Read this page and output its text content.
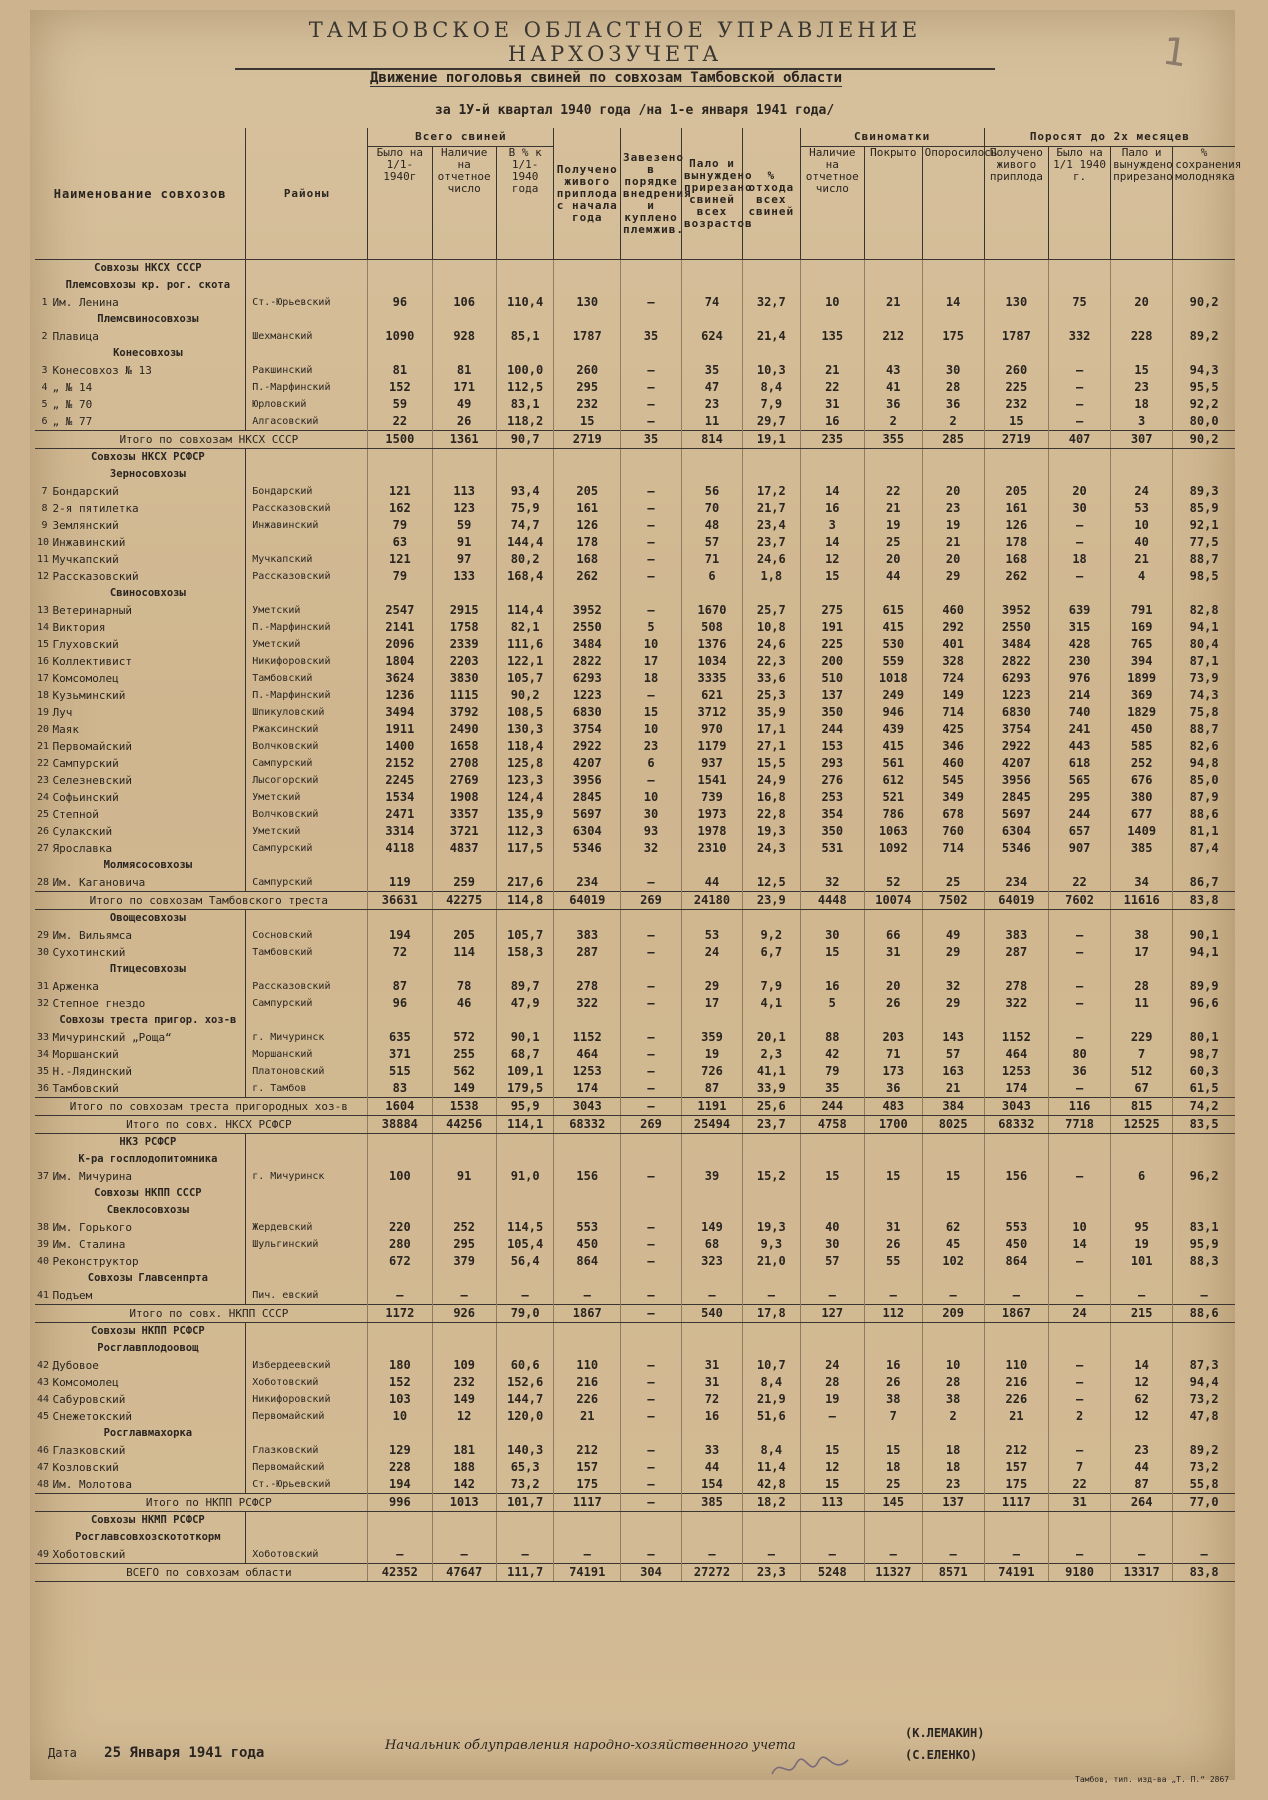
1
ТАМБОВСКОЕ ОБЛАСТНОЕ УПРАВЛЕНИЕ НАРХОЗУЧЕТА
Движение поголовья свиней по совхозам Тамбовской области
за 1У-й квартал 1940 года /на 1-е января 1941 года/
Наименование совхозов		Районы	Всего свиней			Получено живого приплода с начала года	Завезено в порядке внедрения и куплено племжив.	Пало и вынуждено прирезано свиней всех возрастов	% отхода всех свиней	Свиноматки			Поросят до 2х месяцев			
			Было на 1/1-1940г	Наличие на отчетное число	В % к 1/1-1940 года					Наличие на отчетное число	Покрыто	Опоросилось	Получено живого приплода	Было на 1/1 1940 г.	Пало и вынуждено прирезано	% сохранения молодняка
	Совхозы НКСХ СССР															
	Племсовхозы кр. рог. скота															
1	Им. Ленина	Ст.-Юрьевский	96	106	110,4	130	–	74	32,7	10	21	14	130	75	20	90,2
	Племсвиносовхозы															
2	Плавица	Шехманский	1090	928	85,1	1787	35	624	21,4	135	212	175	1787	332	228	89,2
	Конесовхозы															
3	Конесовхоз № 13	Ракшинский	81	81	100,0	260	–	35	10,3	21	43	30	260	–	15	94,3
4	„ № 14	П.-Марфинский	152	171	112,5	295	–	47	8,4	22	41	28	225	–	23	95,5
5	„ № 70	Юрловский	59	49	83,1	232	–	23	7,9	31	36	36	232	–	18	92,2
6	„ № 77	Алгасовский	22	26	118,2	15	–	11	29,7	16	2	2	15	–	3	80,0
	Итого по совхозам НКСХ СССР		1500	1361	90,7	2719	35	814	19,1	235	355	285	2719	407	307	90,2
	Совхозы НКСХ РСФСР															
	Зерносовхозы															
7	Бондарский	Бондарский	121	113	93,4	205	–	56	17,2	14	22	20	205	20	24	89,3
8	2-я пятилетка	Рассказовский	162	123	75,9	161	–	70	21,7	16	21	23	161	30	53	85,9
9	Землянский	Инжавинский	79	59	74,7	126	–	48	23,4	3	19	19	126	–	10	92,1
10	Инжавинский		63	91	144,4	178	–	57	23,7	14	25	21	178	–	40	77,5
11	Мучкапский	Мучкапский	121	97	80,2	168	–	71	24,6	12	20	20	168	18	21	88,7
12	Рассказовский	Рассказовский	79	133	168,4	262	–	6	1,8	15	44	29	262	–	4	98,5
	Свиносовхозы															
13	Ветеринарный	Уметский	2547	2915	114,4	3952	–	1670	25,7	275	615	460	3952	639	791	82,8
14	Виктория	П.-Марфинский	2141	1758	82,1	2550	5	508	10,8	191	415	292	2550	315	169	94,1
15	Глуховский	Уметский	2096	2339	111,6	3484	10	1376	24,6	225	530	401	3484	428	765	80,4
16	Коллективист	Никифоровский	1804	2203	122,1	2822	17	1034	22,3	200	559	328	2822	230	394	87,1
17	Комсомолец	Тамбовский	3624	3830	105,7	6293	18	3335	33,6	510	1018	724	6293	976	1899	73,9
18	Кузьминский	П.-Марфинский	1236	1115	90,2	1223	–	621	25,3	137	249	149	1223	214	369	74,3
19	Луч	Шпикуловский	3494	3792	108,5	6830	15	3712	35,9	350	946	714	6830	740	1829	75,8
20	Маяк	Ржаксинский	1911	2490	130,3	3754	10	970	17,1	244	439	425	3754	241	450	88,7
21	Первомайский	Волчковский	1400	1658	118,4	2922	23	1179	27,1	153	415	346	2922	443	585	82,6
22	Сампурский	Сампурский	2152	2708	125,8	4207	6	937	15,5	293	561	460	4207	618	252	94,8
23	Селезневский	Лысогорский	2245	2769	123,3	3956	–	1541	24,9	276	612	545	3956	565	676	85,0
24	Софьинский	Уметский	1534	1908	124,4	2845	10	739	16,8	253	521	349	2845	295	380	87,9
25	Степной	Волчковский	2471	3357	135,9	5697	30	1973	22,8	354	786	678	5697	244	677	88,6
26	Сулакский	Уметский	3314	3721	112,3	6304	93	1978	19,3	350	1063	760	6304	657	1409	81,1
27	Ярославка	Сампурский	4118	4837	117,5	5346	32	2310	24,3	531	1092	714	5346	907	385	87,4
	Молмясосовхозы															
28	Им. Кагановича	Сампурский	119	259	217,6	234	–	44	12,5	32	52	25	234	22	34	86,7
	Итого по совхозам Тамбовского треста		36631	42275	114,8	64019	269	24180	23,9	4448	10074	7502	64019	7602	11616	83,8
	Овощесовхозы															
29	Им. Вильямса	Сосновский	194	205	105,7	383	–	53	9,2	30	66	49	383	–	38	90,1
30	Сухотинский	Тамбовский	72	114	158,3	287	–	24	6,7	15	31	29	287	–	17	94,1
	Птицесовхозы															
31	Арженка	Рассказовский	87	78	89,7	278	–	29	7,9	16	20	32	278	–	28	89,9
32	Степное гнездо	Сампурский	96	46	47,9	322	–	17	4,1	5	26	29	322	–	11	96,6
	Совхозы треста пригор. хоз-в															
33	Мичуринский „Роща“	г. Мичуринск	635	572	90,1	1152	–	359	20,1	88	203	143	1152	–	229	80,1
34	Моршанский	Моршанский	371	255	68,7	464	–	19	2,3	42	71	57	464	80	7	98,7
35	Н.-Лядинский	Платоновский	515	562	109,1	1253	–	726	41,1	79	173	163	1253	36	512	60,3
36	Тамбовский	г. Тамбов	83	149	179,5	174	–	87	33,9	35	36	21	174	–	67	61,5
	Итого по совхозам треста пригородных хоз-в		1604	1538	95,9	3043	–	1191	25,6	244	483	384	3043	116	815	74,2
	Итого по совх. НКСХ РСФСР		38884	44256	114,1	68332	269	25494	23,7	4758	1700	8025	68332	7718	12525	83,5
	НКЗ РСФСР															
	К-ра госплодопитомника															
37	Им. Мичурина	г. Мичуринск	100	91	91,0	156	–	39	15,2	15	15	15	156	–	6	96,2
	Совхозы НКПП СССР															
	Свеклосовхозы															
38	Им. Горького	Жердевский	220	252	114,5	553	–	149	19,3	40	31	62	553	10	95	83,1
39	Им. Сталина	Шульгинский	280	295	105,4	450	–	68	9,3	30	26	45	450	14	19	95,9
40	Реконструктор		672	379	56,4	864	–	323	21,0	57	55	102	864	–	101	88,3
	Совхозы Главсенпрта															
41	Подъем	Пич. евский	–	–	–	–	–	–	–	–	–	–	–	–	–	–
	Итого по совх. НКПП СССР		1172	926	79,0	1867	–	540	17,8	127	112	209	1867	24	215	88,6
	Совхозы НКПП РСФСР															
	Росглавплодоовощ															
42	Дубовое	Избердеевский	180	109	60,6	110	–	31	10,7	24	16	10	110	–	14	87,3
43	Комсомолец	Хоботовский	152	232	152,6	216	–	31	8,4	28	26	28	216	–	12	94,4
44	Сабуровский	Никифоровский	103	149	144,7	226	–	72	21,9	19	38	38	226	–	62	73,2
45	Снежетокский	Первомайский	10	12	120,0	21	–	16	51,6	–	7	2	21	2	12	47,8
	Росглавмахорка															
46	Глазковский	Глазковский	129	181	140,3	212	–	33	8,4	15	15	18	212	–	23	89,2
47	Козловский	Первомайский	228	188	65,3	157	–	44	11,4	12	18	18	157	7	44	73,2
48	Им. Молотова	Ст.-Юрьевский	194	142	73,2	175	–	154	42,8	15	25	23	175	22	87	55,8
	Итого по НКПП РСФСР		996	1013	101,7	1117	–	385	18,2	113	145	137	1117	31	264	77,0
	Совхозы НКМП РСФСР															
	Росглавсовхозскототкорм															
49	Хоботовский	Хоботовский	–	–	–	–	–	–	–	–	–	–	–	–	–	–
	ВСЕГО по совхозам области		42352	47647	111,7	74191	304	27272	23,3	5248	11327	8571	74191	9180	13317	83,8
Дата 25 Января 1941 года	Начальник облуправления народно-хозяйственного учета
(К.ЛЕМАКИН)
(С.ЕЛЕНКО)
Тамбов, тип. изд-ва „Т. П.“ 2867
